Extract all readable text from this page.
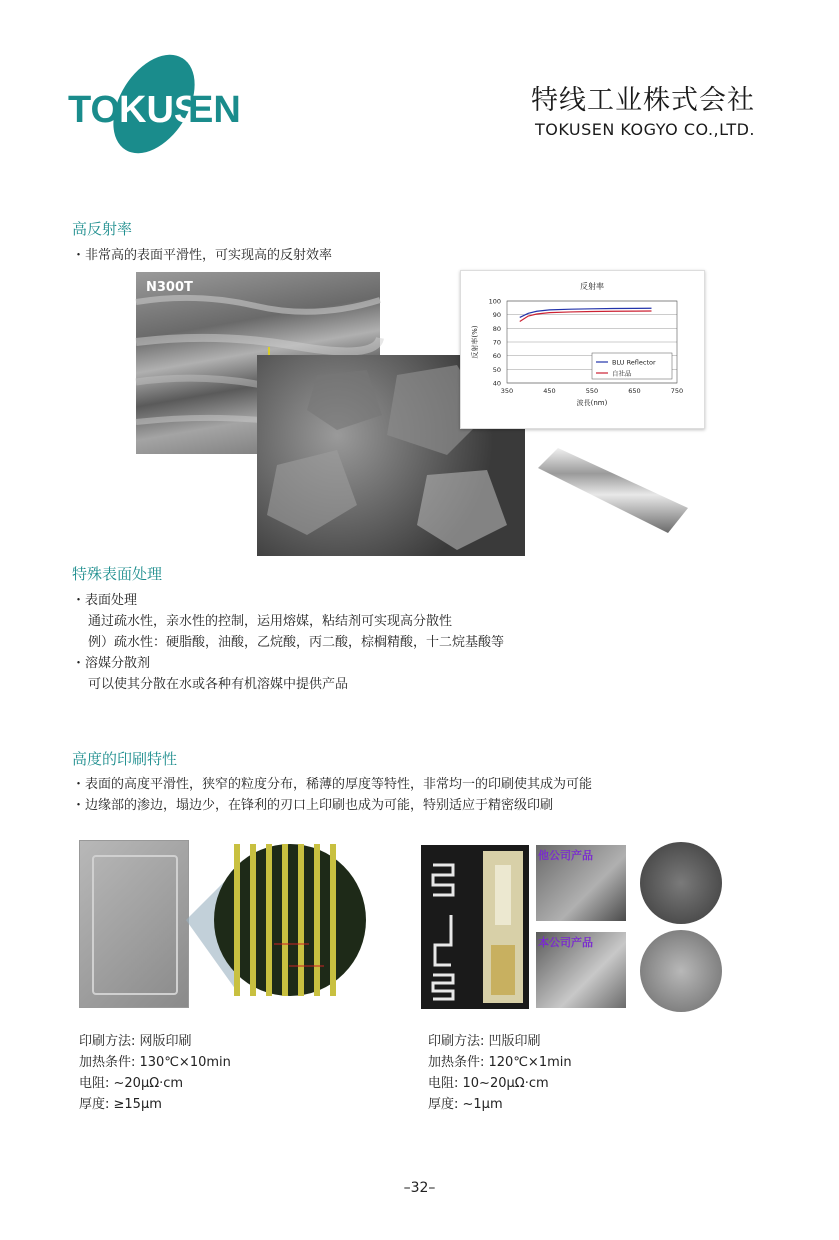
TO
KUS
EN	特线工业株式会社
TOKUSEN KOGYO CO.,LTD.
高反射率
・非常高的表面平滑性，可实现高的反射效率
N300T	反射率
100
90
80
70
60
50
40
350	450	550	650	750
波長(nm)
反射率(%)
BLU Reflector
自社品
特殊表面处理
・表面处理
通过疏水性，亲水性的控制，运用熔媒，粘结剂可实现高分散性
例）疏水性：硬脂酸，油酸，乙烷酸，丙二酸，棕榈精酸，十二烷基酸等
・溶媒分散剂
可以使其分散在水或各种有机溶媒中提供产品
高度的印刷特性
・表面的高度平滑性，狭窄的粒度分布，稀薄的厚度等特性，非常均一的印刷使其成为可能
・边缘部的渗边，塌边少，在锋利的刃口上印刷也成为可能，特别适应于精密级印刷
他公司产品
本公司产品
印刷方法: 网版印刷
加热条件: 130℃×10min
电阻: ~20μΩ·cm
厚度: ≥15μm
印刷方法: 凹版印刷
加热条件: 120℃×1min
电阻: 10~20μΩ·cm
厚度: ~1μm
–32–
